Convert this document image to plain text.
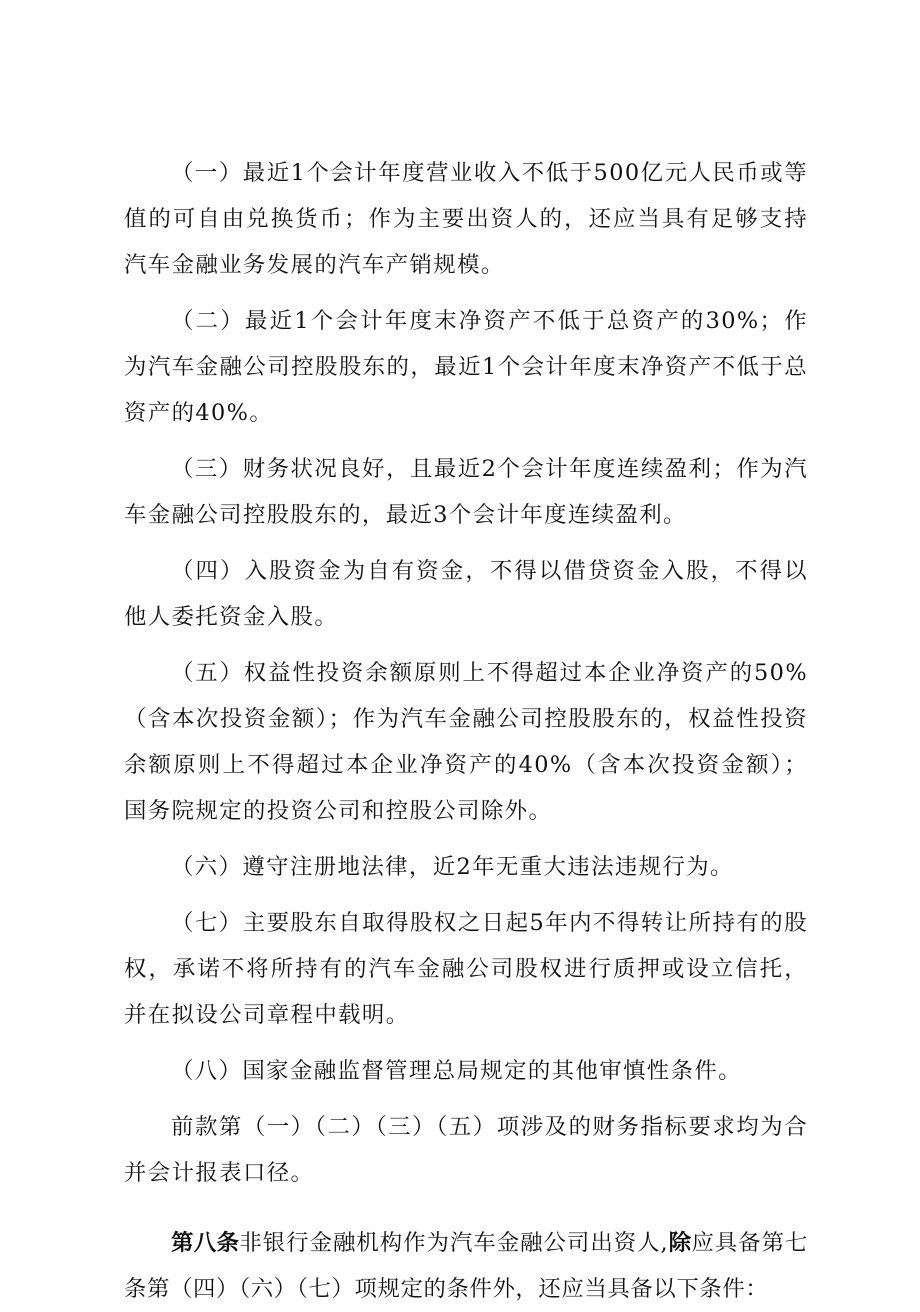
（一）最近1个会计年度营业收入不低于500亿元人民币或等值的可自由兑换货币；作为主要出资人的，还应当具有足够支持汽车金融业务发展的汽车产销规模。

（二）最近1个会计年度末净资产不低于总资产的30%；作为汽车金融公司控股股东的，最近1个会计年度末净资产不低于总资产的40%。

（三）财务状况良好，且最近2个会计年度连续盈利；作为汽车金融公司控股股东的，最近3个会计年度连续盈利。

（四）入股资金为自有资金，不得以借贷资金入股，不得以他人委托资金入股。

（五）权益性投资余额原则上不得超过本企业净资产的50%（含本次投资金额）；作为汽车金融公司控股股东的，权益性投资余额原则上不得超过本企业净资产的40%（含本次投资金额）；国务院规定的投资公司和控股公司除外。

（六）遵守注册地法律，近2年无重大违法违规行为。

（七）主要股东自取得股权之日起5年内不得转让所持有的股权，承诺不将所持有的汽车金融公司股权进行质押或设立信托，并在拟设公司章程中载明。

（八）国家金融监督管理总局规定的其他审慎性条件。

前款第（一）（二）（三）（五）项涉及的财务指标要求均为合并会计报表口径。

第八条非银行金融机构作为汽车金融公司出资人,除应具备第七条第（四）（六）（七）项规定的条件外，还应当具备以下条件：
